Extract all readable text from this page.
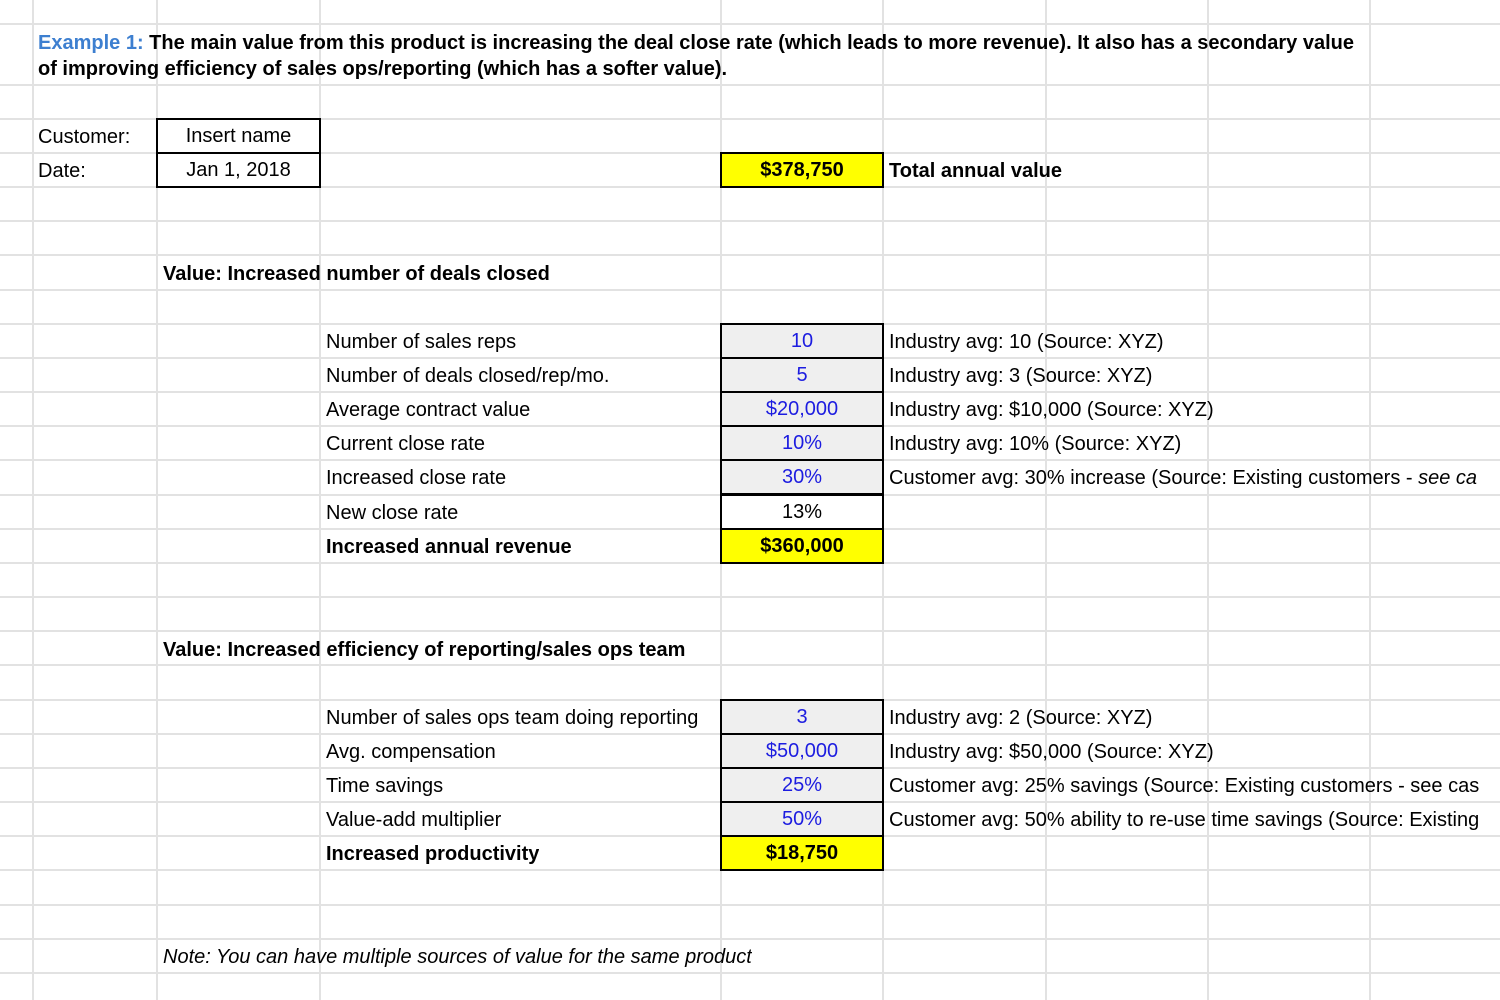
Example 1: The main value from this product is increasing the deal close rate (which leads to more revenue). It also has a secondary value of improving efficiency of sales ops/reporting (which has a softer value).
Customer:	Insert name
Date:	Jan 1, 2018	$378,750	Total annual value
Value: Increased number of deals closed
Number of sales reps	10	Industry avg: 10 (Source: XYZ)
Number of deals closed/rep/mo.	5	Industry avg: 3 (Source: XYZ)
Average contract value	$20,000	Industry avg: $10,000 (Source: XYZ)
Current close rate	10%	Industry avg: 10% (Source: XYZ)
Increased close rate	30%	Customer avg: 30% increase (Source: Existing customers - see ca
New close rate	13%
Increased annual revenue	$360,000
Value: Increased efficiency of reporting/sales ops team
Number of sales ops team doing reporting	3	Industry avg: 2 (Source: XYZ)
Avg. compensation	$50,000	Industry avg: $50,000 (Source: XYZ)
Time savings	25%	Customer avg: 25% savings (Source: Existing customers - see cas
Value-add multiplier	50%	Customer avg: 50% ability to re-use time savings (Source: Existing
Increased productivity	$18,750
Note: You can have multiple sources of value for the same product
